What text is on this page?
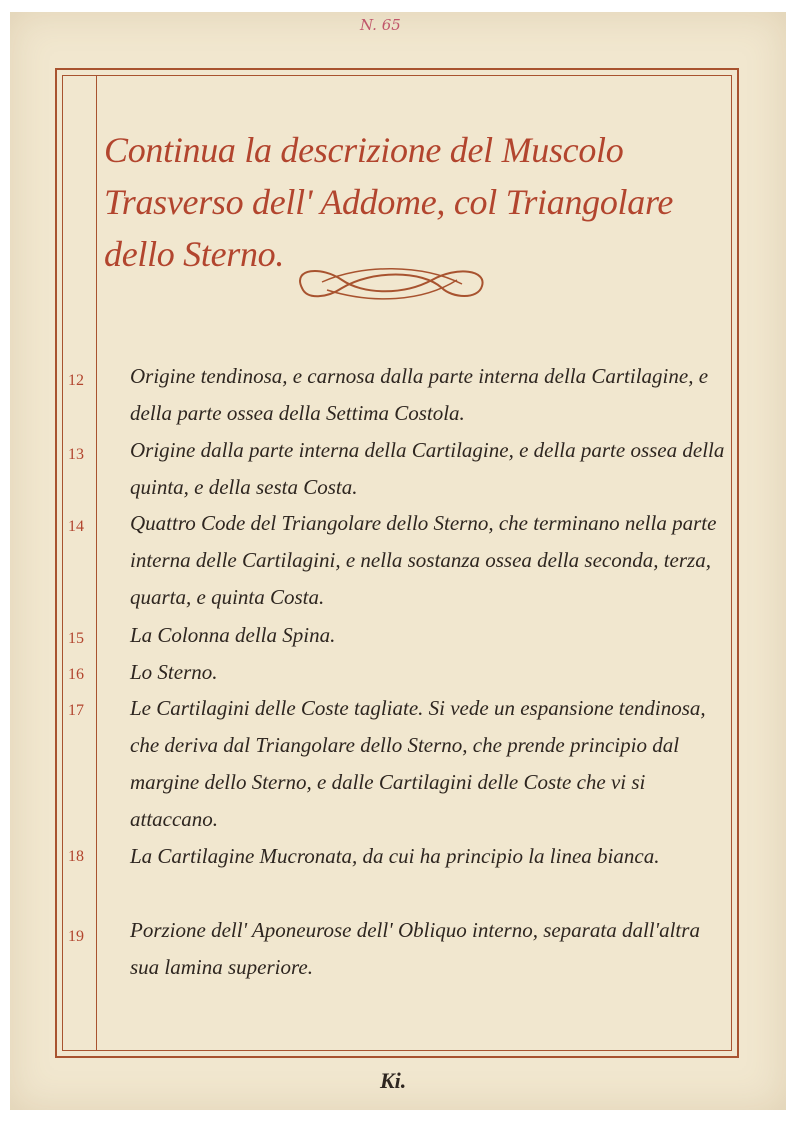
N. 65
Continua la descrizione del Muscolo Trasverso dell' Addome, col Triangolare dello Sterno.
12	Origine tendinosa, e carnosa dalla parte interna della Cartilagine, e della parte ossea della Settima Costola.
13	Origine dalla parte interna della Cartilagine, e della parte ossea della quinta, e della sesta Costa.
14	Quattro Code del Triangolare dello Sterno, che terminano nella parte interna delle Cartilagini, e nella sostanza ossea della seconda, terza, quarta, e quinta Costa.
15	La Colonna della Spina.
16	Lo Sterno.
17	Le Cartilagini delle Coste tagliate. Si vede un espansione tendinosa, che deriva dal Triangolare dello Sterno, che prende principio dal margine dello Sterno, e dalle Cartilagini delle Coste che vi si attaccano.
18	La Cartilagine Mucronata, da cui ha principio la linea bianca.
19	Porzione dell' Aponeurose dell' Obliquo interno, separata dall'altra sua lamina superiore.
Ki.
